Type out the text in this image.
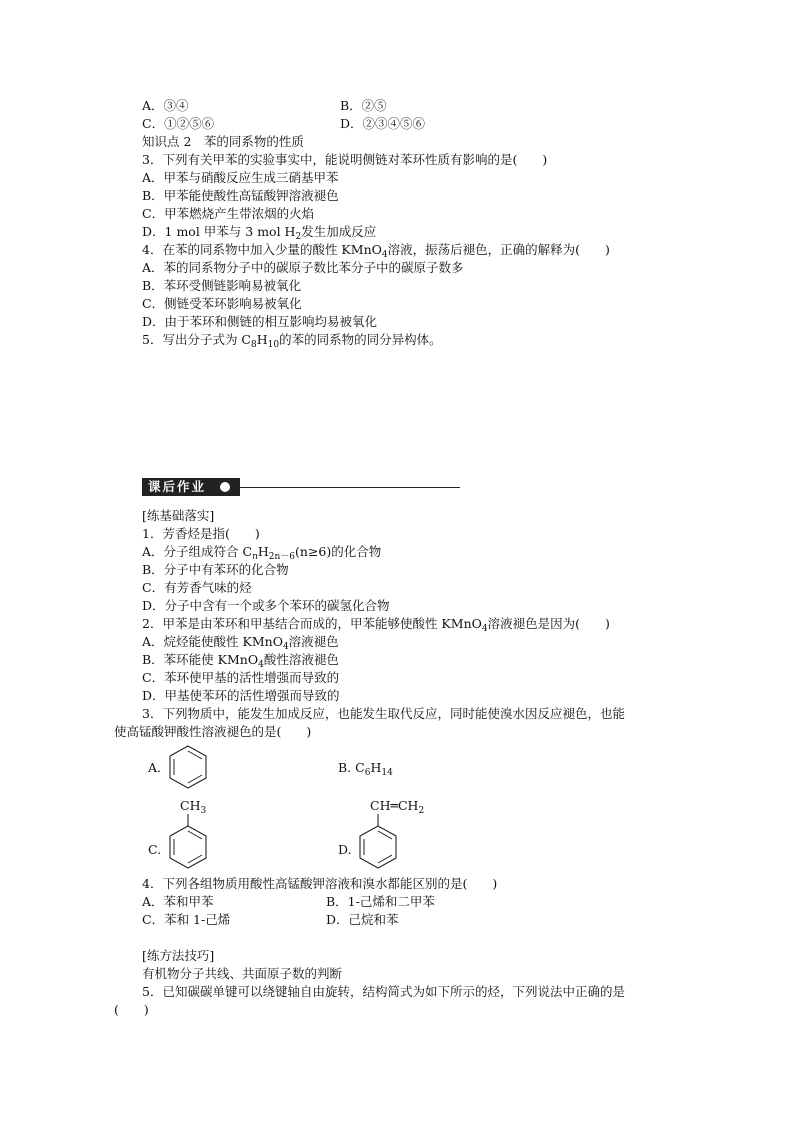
A．③④	B．②⑤
C．①②⑤⑥	D．②③④⑤⑥
知识点 2　苯的同系物的性质
3．下列有关甲苯的实验事实中，能说明侧链对苯环性质有影响的是(　　)
A．甲苯与硝酸反应生成三硝基甲苯
B．甲苯能使酸性高锰酸钾溶液褪色
C．甲苯燃烧产生带浓烟的火焰
D．1 mol 甲苯与 3 mol $H_2$发生加成反应
4．在苯的同系物中加入少量的酸性 KMnO$_4$溶液，振荡后褪色，正确的解释为(　　)
A．苯的同系物分子中的碳原子数比苯分子中的碳原子数多
B．苯环受侧链影响易被氧化
C．侧链受苯环影响易被氧化
D．由于苯环和侧链的相互影响均易被氧化
5．写出分子式为 $C_8H_{10}$的苯的同系物的同分异构体。
课后作业
[练基础落实]
1．芳香烃是指(　　)
A．分子组成符合 $C_nH_{2n-6}(n\ge 6)$的化合物
B．分子中有苯环的化合物
C．有芳香气味的烃
D．分子中含有一个或多个苯环的碳氢化合物
2．甲苯是由苯环和甲基结合而成的，甲苯能够使酸性 KMnO$_4$溶液褪色是因为(　　)
A．烷烃能使酸性 KMnO$_4$溶液褪色
B．苯环能使 KMnO$_4$酸性溶液褪色
C．苯环使甲基的活性增强而导致的
D．甲基使苯环的活性增强而导致的
3．下列物质中，能发生加成反应，也能发生取代反应，同时能使溴水因反应褪色，也能
使高锰酸钾酸性溶液褪色的是(　　)
A.	B. $C_6H_{14}$
C.
$CH_3$
D.
$CH═CH_2$
4．下列各组物质用酸性高锰酸钾溶液和溴水都能区别的是(　　)
A．苯和甲苯	B．1-己烯和二甲苯
C．苯和 1-己烯	D．己烷和苯
[练方法技巧]
有机物分子共线、共面原子数的判断
5．已知碳碳单键可以绕键轴自由旋转，结构简式为如下所示的烃，下列说法中正确的是
(　　)
